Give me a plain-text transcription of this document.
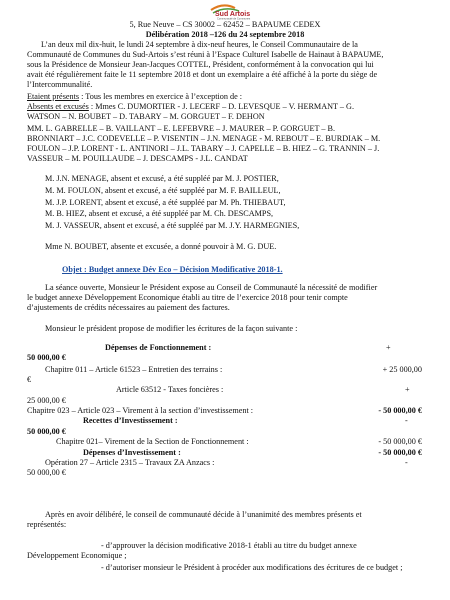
Sud Artois
Communauté de Communes
5, Rue Neuve – CS 30002 – 62452 – BAPAUME CEDEX
Délibération 2018 –126 du 24 septembre 2018
L’an deux mil dix-huit, le lundi 24 septembre à dix-neuf heures, le Conseil Communautaire de la
Communauté de Communes du Sud-Artois s’est réuni à l’Espace Culturel Isabelle de Hainaut à BAPAUME,
sous la Présidence de Monsieur Jean-Jacques COTTEL, Président, conformément à la convocation qui lui
avait été régulièrement faite le 11 septembre 2018 et dont un exemplaire a été affiché à la porte du siège de
l’Intercommunalité.
Etaient présents : Tous les membres en exercice à l’exception de :
Absents et excusés : Mmes C. DUMORTIER - J. LECERF – D. LEVESQUE – V. HERMANT – G.
WATSON – N. BOUBET – D. TABARY – M. GORGUET – F. DEHON
MM. L. GABRELLE – B. VAILLANT – E. LEFEBVRE – J. MAURER – P. GORGUET – B.
BRONNIART – J.C. CODEVELLE – P. VISENTIN – J.N. MENAGE - M. REBOUT – E. BURDIAK – M.
FOULON – J.P. LORENT - L. ANTINORI – J.L. TABARY – J. CAPELLE – B. HIEZ – G. TRANNIN – J.
VASSEUR – M. POUILLAUDE – J. DESCAMPS - J.L. CANDAT
M. J.N. MENAGE, absent et excusé, a été suppléé par M. J. POSTIER,
M. M. FOULON, absent et excusé, a été suppléé par M. F. BAILLEUL,
M. J.P. LORENT, absent et excusé, a été suppléé par M. Ph. THIEBAUT,
M. B. HIEZ, absent et excusé, a été suppléé par M. Ch. DESCAMPS,
M. J. VASSEUR, absent et excusé, a été suppléé par M. J.Y. HARMEGNIES,
Mme N. BOUBET, absente et excusée, a donné pouvoir à M. G. DUE.
Objet : Budget annexe Dév Eco – Décision Modificative 2018-1.
La séance ouverte, Monsieur le Président expose au Conseil de Communauté la nécessité de modifier
le budget annexe Développement Economique établi au titre de l’exercice 2018 pour tenir compte
d’ajustements de crédits nécessaires au paiement des factures.
Monsieur le président propose de modifier les écritures de la façon suivante :
Dépenses de Fonctionnement :	+
50 000,00 €
Chapitre 011 – Article 61523 – Entretien des terrains :	+ 25 000,00
€
Article 63512 - Taxes foncières :	+
25 000,00 €
Chapitre 023 – Article 023 – Virement à la section d’investissement :	- 50 000,00 €
Recettes d’Investissement :	-
50 000,00 €
Chapitre 021– Virement de la Section de Fonctionnement :	- 50 000,00 €
Dépenses d’Investissement :	- 50 000,00 €
Opération 27 – Article 2315 – Travaux ZA Anzacs :	-
50 000,00 €
Après en avoir délibéré, le conseil de communauté décide à l’unanimité des membres présents et
représentés:
- d’approuver la décision modificative 2018-1 établi au titre du budget annexe
Développement Economique ;
- d’autoriser monsieur le Président à procéder aux modifications des écritures de ce budget ;
